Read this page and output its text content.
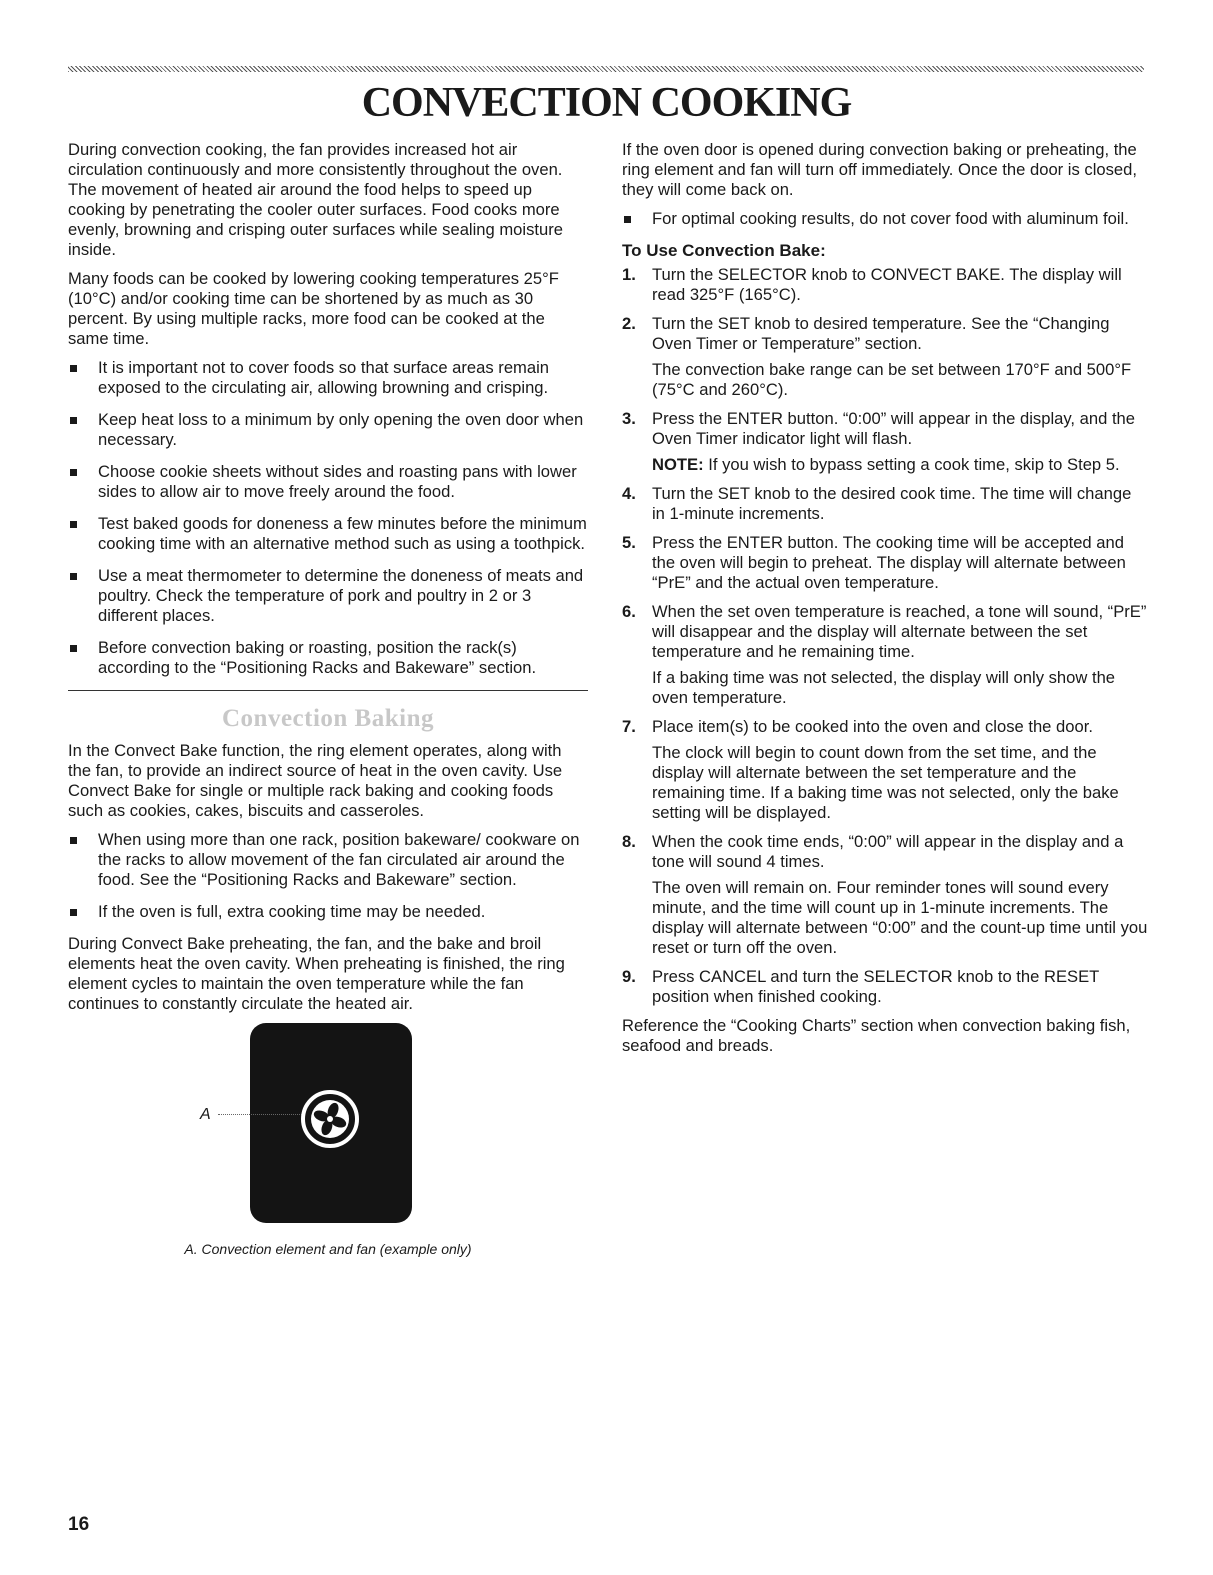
CONVECTION COOKING

During convection cooking, the fan provides increased hot air circulation continuously and more consistently throughout the oven. The movement of heated air around the food helps to speed up cooking by penetrating the cooler outer surfaces. Food cooks more evenly, browning and crisping outer surfaces while sealing moisture inside.

Many foods can be cooked by lowering cooking temperatures 25°F (10°C) and/or cooking time can be shortened by as much as 30 percent. By using multiple racks, more food can be cooked at the same time.

It is important not to cover foods so that surface areas remain exposed to the circulating air, allowing browning and crisping.
Keep heat loss to a minimum by only opening the oven door when necessary.
Choose cookie sheets without sides and roasting pans with lower sides to allow air to move freely around the food.
Test baked goods for doneness a few minutes before the minimum cooking time with an alternative method such as using a toothpick.
Use a meat thermometer to determine the doneness of meats and poultry. Check the temperature of pork and poultry in 2 or 3 different places.
Before convection baking or roasting, position the rack(s) according to the “Positioning Racks and Bakeware” section.
Convection Baking

In the Convect Bake function, the ring element operates, along with the fan, to provide an indirect source of heat in the oven cavity. Use Convect Bake for single or multiple rack baking and cooking foods such as cookies, cakes, biscuits and casseroles.

When using more than one rack, position bakeware/ cookware on the racks to allow movement of the fan circulated air around the food. See the “Positioning Racks and Bakeware” section.
If the oven is full, extra cooking time may be needed.

During Convect Bake preheating, the fan, and the bake and broil elements heat the oven cavity. When preheating is finished, the ring element cycles to maintain the oven temperature while the fan continues to constantly circulate the heated air.

A
A. Convection element and fan (example only)

If the oven door is opened during convection baking or preheating, the ring element and fan will turn off immediately. Once the door is closed, they will come back on.

For optimal cooking results, do not cover food with aluminum foil.
To Use Convection Bake:
1. Turn the SELECTOR knob to CONVECT BAKE. The display will read 325°F (165°C).
2. Turn the SET knob to desired temperature. See the “Changing Oven Timer or Temperature” section.

The convection bake range can be set between 170°F and 500°F (75°C and 260°C).

3. Press the ENTER button. “0:00” will appear in the display, and the Oven Timer indicator light will flash.

NOTE: If you wish to bypass setting a cook time, skip to Step 5.

4. Turn the SET knob to the desired cook time. The time will change in 1-minute increments.
5. Press the ENTER button. The cooking time will be accepted and the oven will begin to preheat. The display will alternate between “PrE” and the actual oven temperature.
6. When the set oven temperature is reached, a tone will sound, “PrE” will disappear and the display will alternate between the set temperature and he remaining time.

If a baking time was not selected, the display will only show the oven temperature.

7. Place item(s) to be cooked into the oven and close the door.

The clock will begin to count down from the set time, and the display will alternate between the set temperature and the remaining time. If a baking time was not selected, only the bake setting will be displayed.

8. When the cook time ends, “0:00” will appear in the display and a tone will sound 4 times.

The oven will remain on. Four reminder tones will sound every minute, and the time will count up in 1-minute increments. The display will alternate between “0:00” and the count-up time until you reset or turn off the oven.

9. Press CANCEL and turn the SELECTOR knob to the RESET position when finished cooking.

Reference the “Cooking Charts” section when convection baking fish, seafood and breads.

16
